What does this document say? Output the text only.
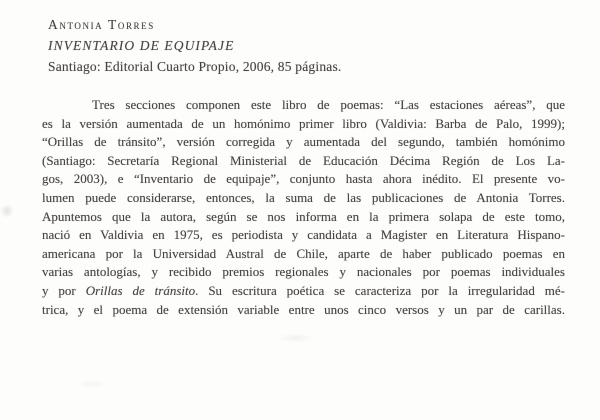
Antonia Torres
INVENTARIO DE EQUIPAJE
Santiago: Editorial Cuarto Propio, 2006, 85 páginas.
Tres secciones componen este libro de poemas: “Las estaciones aéreas”, que
es la versión aumentada de un homónimo primer libro (Valdivia: Barba de Palo, 1999);
“Orillas de tránsito”, versión corregida y aumentada del segundo, también homónimo
(Santiago: Secretaría Regional Ministerial de Educación Décima Región de Los La-
gos, 2003), e “Inventario de equipaje”, conjunto hasta ahora inédito. El presente vo-
lumen puede considerarse, entonces, la suma de las publicaciones de Antonia Torres.
Apuntemos que la autora, según se nos informa en la primera solapa de este tomo,
nació en Valdivia en 1975, es periodista y candidata a Magister en Literatura Hispano-
americana por la Universidad Austral de Chile, aparte de haber publicado poemas en
varias antologías, y recibido premios regionales y nacionales por poemas individuales
y por Orillas de tránsito. Su escritura poética se caracteriza por la irregularidad mé-
trica, y el poema de extensión variable entre unos cinco versos y un par de carillas.
